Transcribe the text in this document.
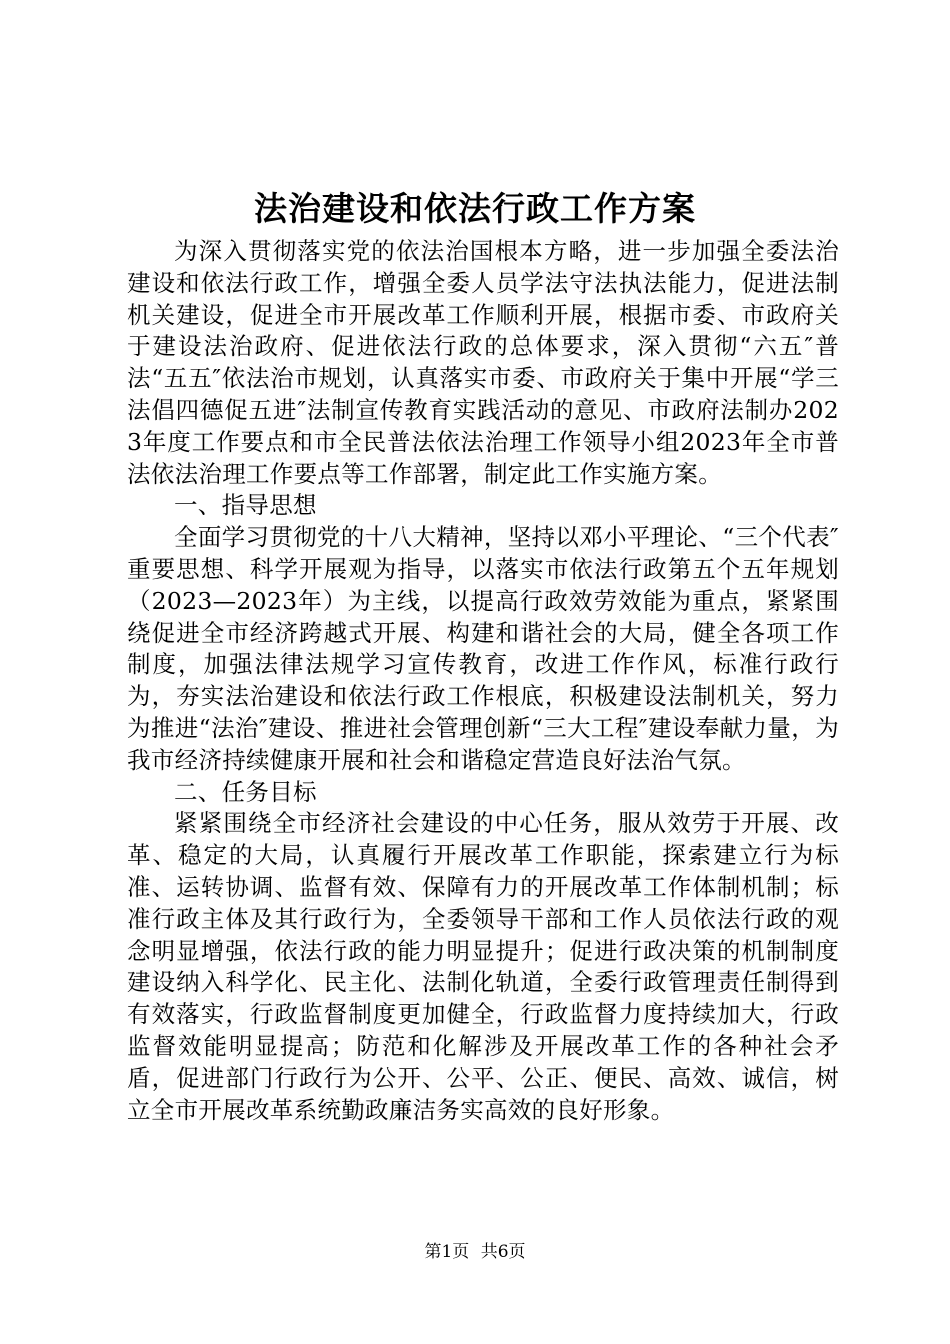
法治建设和依法行政工作方案

为深入贯彻落实党的依法治国根本方略，进一步加强全委法治建设和依法行政工作，增强全委人员学法守法执法能力，促进法制机关建设，促进全市开展改革工作顺利开展，根据市委、市政府关于建设法治政府、促进依法行政的总体要求，深入贯彻“六五″普法“五五″依法治市规划，认真落实市委、市政府关于集中开展“学三法倡四德促五进″法制宣传教育实践活动的意见、市政府法制办2023年度工作要点和市全民普法依法治理工作领导小组2023年全市普法依法治理工作要点等工作部署，制定此工作实施方案。

一、指导思想

全面学习贯彻党的十八大精神，坚持以邓小平理论、“三个代表″重要思想、科学开展观为指导，以落实市依法行政第五个五年规划（2023—2023年）为主线，以提高行政效劳效能为重点，紧紧围绕促进全市经济跨越式开展、构建和谐社会的大局，健全各项工作制度，加强法律法规学习宣传教育，改进工作作风，标准行政行为，夯实法治建设和依法行政工作根底，积极建设法制机关，努力为推进“法治″建设、推进社会管理创新“三大工程″建设奉献力量，为我市经济持续健康开展和社会和谐稳定营造良好法治气氛。

二、任务目标

紧紧围绕全市经济社会建设的中心任务，服从效劳于开展、改革、稳定的大局，认真履行开展改革工作职能，探索建立行为标准、运转协调、监督有效、保障有力的开展改革工作体制机制；标准行政主体及其行政行为，全委领导干部和工作人员依法行政的观念明显增强，依法行政的能力明显提升；促进行政决策的机制制度建设纳入科学化、民主化、法制化轨道，全委行政管理责任制得到有效落实，行政监督制度更加健全，行政监督力度持续加大，行政监督效能明显提高；防范和化解涉及开展改革工作的各种社会矛盾，促进部门行政行为公开、公平、公正、便民、高效、诚信，树立全市开展改革系统勤政廉洁务实高效的良好形象。

第1页 共6页
